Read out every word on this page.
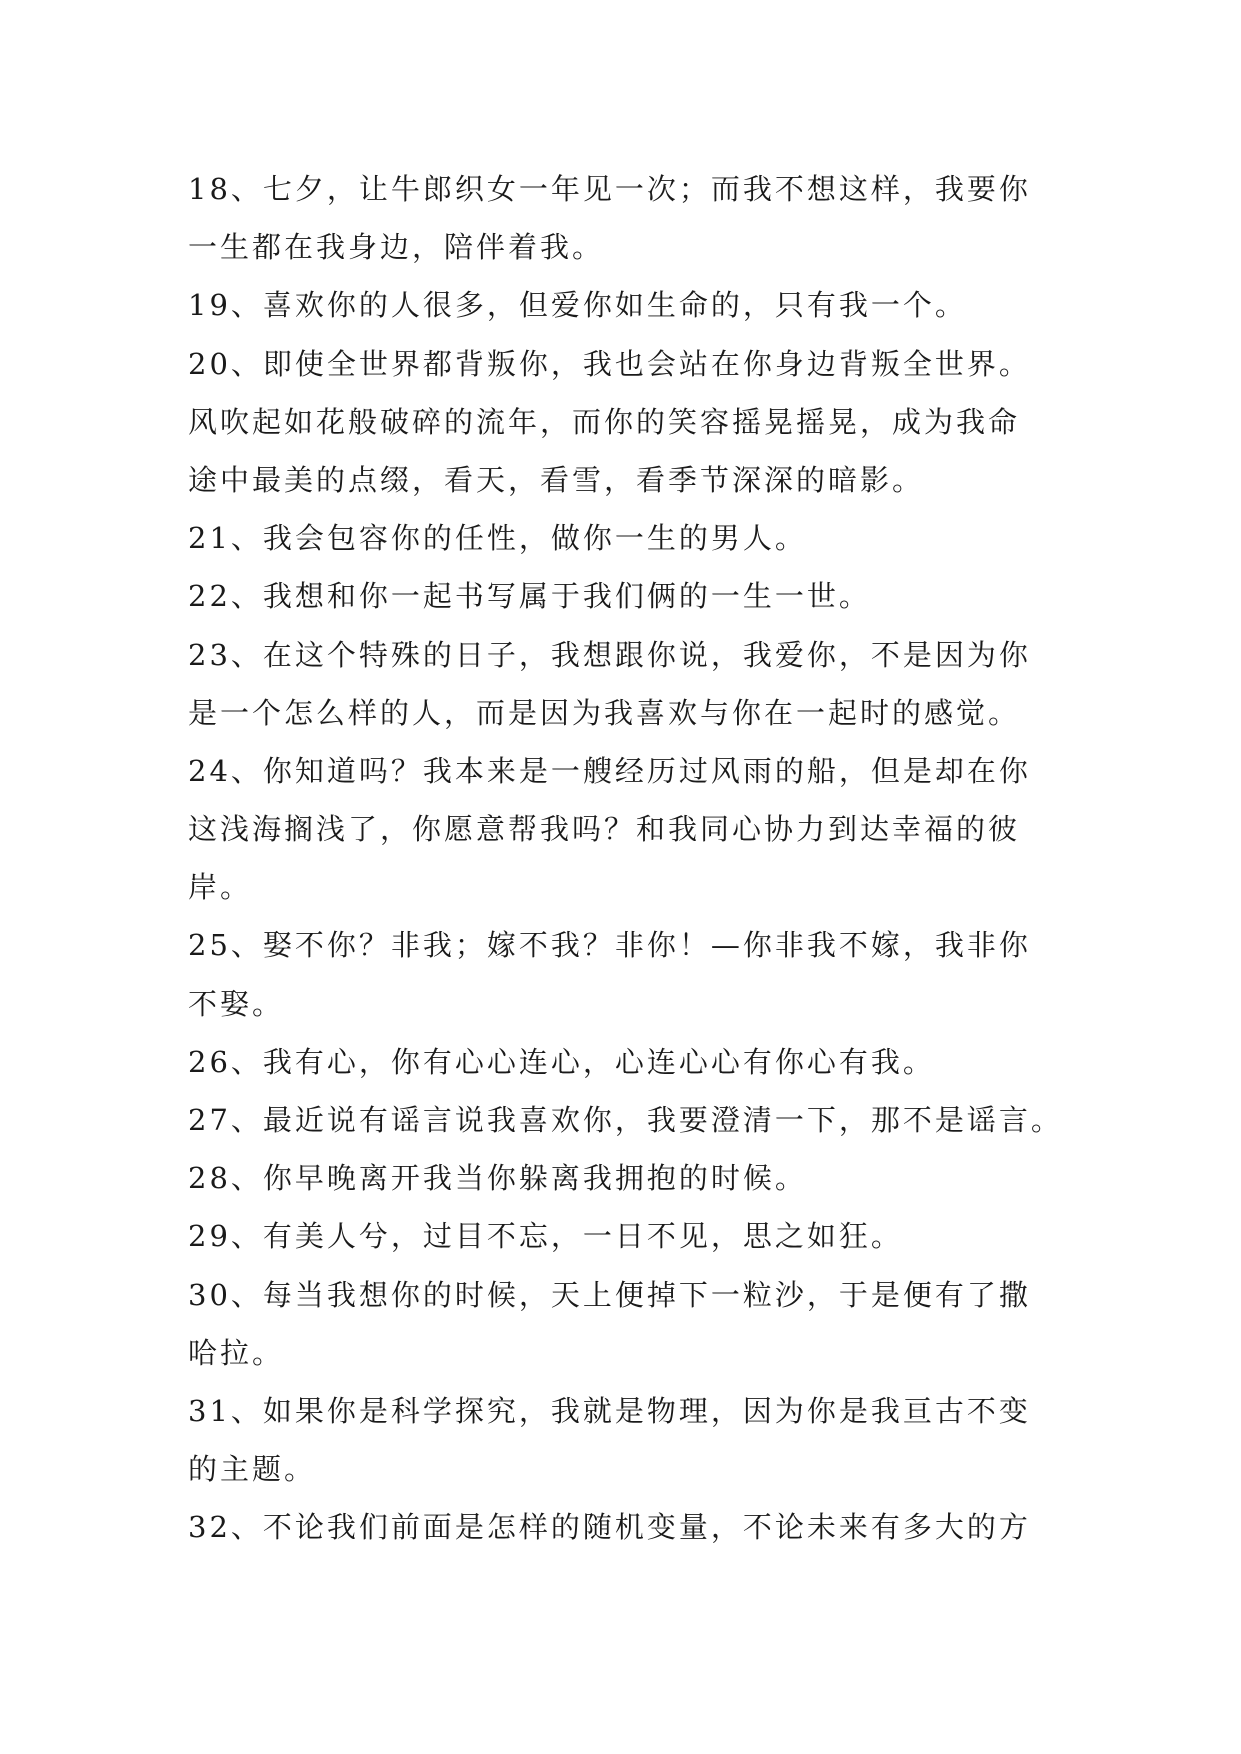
18、七夕，让牛郎织女一年见一次；而我不想这样，我要你
一生都在我身边，陪伴着我。
19、喜欢你的人很多，但爱你如生命的，只有我一个。
20、即使全世界都背叛你，我也会站在你身边背叛全世界。
风吹起如花般破碎的流年，而你的笑容摇晃摇晃，成为我命
途中最美的点缀，看天，看雪，看季节深深的暗影。
21、我会包容你的任性，做你一生的男人。
22、我想和你一起书写属于我们俩的一生一世。
23、在这个特殊的日子，我想跟你说，我爱你，不是因为你
是一个怎么样的人，而是因为我喜欢与你在一起时的感觉。
24、你知道吗？我本来是一艘经历过风雨的船，但是却在你
这浅海搁浅了，你愿意帮我吗？和我同心协力到达幸福的彼
岸。
25、娶不你？非我；嫁不我？非你！—你非我不嫁，我非你
不娶。
26、我有心，你有心心连心，心连心心有你心有我。
27、最近说有谣言说我喜欢你，我要澄清一下，那不是谣言。
28、你早晚离开我当你躲离我拥抱的时候。
29、有美人兮，过目不忘，一日不见，思之如狂。
30、每当我想你的时候，天上便掉下一粒沙，于是便有了撒
哈拉。
31、如果你是科学探究，我就是物理，因为你是我亘古不变
的主题。
32、不论我们前面是怎样的随机变量，不论未来有多大的方
